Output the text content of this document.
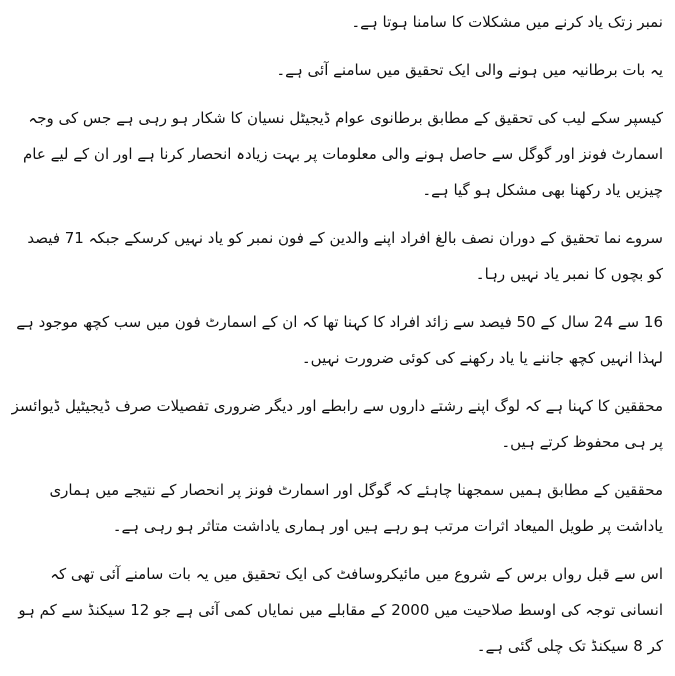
نمبر زتک یاد کرنے میں مشکلات کا سامنا ہوتا ہے۔

یہ بات برطانیہ میں ہونے والی ایک تحقیق میں سامنے آئی ہے۔

کیسپر سکے لیب کی تحقیق کے مطابق برطانوی عوام ڈیجیٹل نسیان کا شکار ہو رہی ہے جس کی وجہ اسمارٹ فونز اور گوگل سے حاصل ہونے والی معلومات پر بہت زیادہ انحصار کرنا ہے اور ان کے لیے عام چیزیں یاد رکھنا بھی مشکل ہو گیا ہے۔

سروے نما تحقیق کے دوران نصف بالغ افراد اپنے والدین کے فون نمبر کو یاد نہیں کرسکے جبکہ 71 فیصد کو بچوں کا نمبر یاد نہیں رہا۔

16 سے 24 سال کے 50 فیصد سے زائد افراد کا کہنا تھا کہ ان کے اسمارٹ فون میں سب کچھ موجود ہے لہذا انہیں کچھ جاننے یا یاد رکھنے کی کوئی ضرورت نہیں۔

محققین کا کہنا ہے کہ لوگ اپنے رشتے داروں سے رابطے اور دیگر ضروری تفصیلات صرف ڈیجیٹیل ڈیوائسز پر ہی محفوظ کرتے ہیں۔

محققین کے مطابق ہمیں سمجھنا چاہئے کہ گوگل اور اسمارٹ فونز پر انحصار کے نتیجے میں ہماری یاداشت پر طویل المیعاد اثرات مرتب ہو رہے ہیں اور ہماری یاداشت متاثر ہو رہی ہے۔

اس سے قبل رواں برس کے شروع میں مائیکروسافٹ کی ایک تحقیق میں یہ بات سامنے آئی تھی کہ انسانی توجہ کی اوسط صلاحیت میں 2000 کے مقابلے میں نمایاں کمی آئی ہے جو 12 سیکنڈ سے کم ہو کر 8 سیکنڈ تک چلی گئی ہے۔
